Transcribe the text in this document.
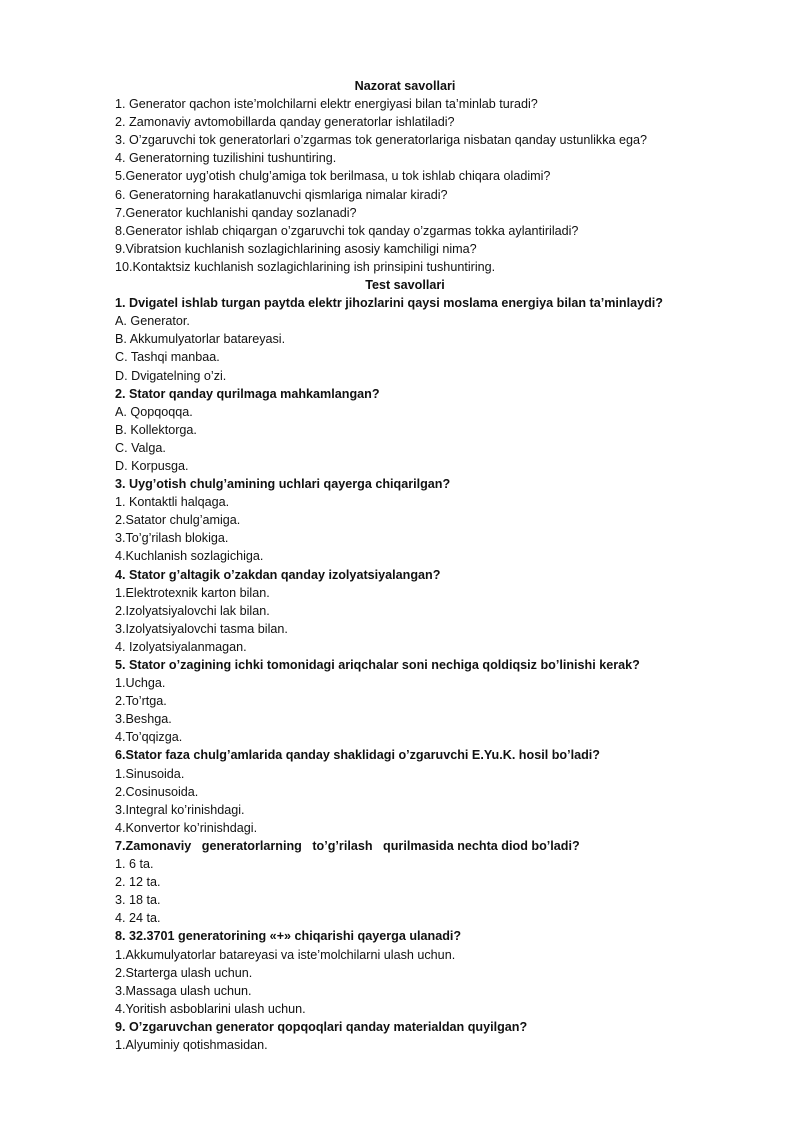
Nazorat savollari
1. Generator qachon iste’molchilarni elektr energiyasi bilan ta’minlab turadi?
2. Zamonaviy avtomobillarda qanday generatorlar ishlatiladi?
3. O’zgaruvchi tok generatorlari o’zgarmas tok generatorlariga nisbatan qanday ustunlikka ega?
4. Generatorning tuzilishini tushuntiring.
5.Generator uyg’otish chulg’amiga tok berilmasa, u tok ishlab chiqara oladimi?
6. Generatorning harakatlanuvchi qismlariga nimalar kiradi?
7.Generator kuchlanishi qanday sozlanadi?
8.Generator ishlab chiqargan o’zgaruvchi tok qanday o’zgarmas tokka aylantiriladi?
9.Vibratsion kuchlanish sozlagichlarining asosiy kamchiligi nima?
10.Kontaktsiz kuchlanish sozlagichlarining ish prinsipini tushuntiring.
Test savollari
1. Dvigatel ishlab turgan paytda elektr jihozlarini qaysi moslama energiya bilan ta’minlaydi?
A. Generator.
B. Akkumulyatorlar batareyasi.
C. Tashqi manbaa.
D. Dvigatelning o’zi.
2. Stator qanday qurilmaga mahkamlangan?
A. Qopqoqqa.
B. Kollektorga.
C. Valga.
D. Korpusga.
3. Uyg’otish chulg’amining uchlari qayerga chiqarilgan?
1. Kontaktli halqaga.
2.Satator chulg’amiga.
3.To’g’rilash blokiga.
4.Kuchlanish sozlagichiga.
4. Stator g’altagik o’zakdan qanday izolyatsiyalangan?
1.Elektrotexnik karton bilan.
2.Izolyatsiyalovchi lak bilan.
3.Izolyatsiyalovchi tasma bilan.
4. Izolyatsiyalanmagan.
5. Stator o’zagining ichki tomonidagi ariqchalar soni nechiga qoldiqsiz bo’linishi kerak?
1.Uchga.
2.To’rtga.
3.Beshga.
4.To’qqizga.
6.Stator faza chulg’amlarida qanday shaklidagi o’zgaruvchi E.Yu.K. hosil bo’ladi?
1.Sinusoida.
2.Cosinusoida.
3.Integral ko’rinishdagi.
4.Konvertor ko’rinishdagi.
7.Zamonaviy   generatorlarning   to’g’rilash   qurilmasida nechta diod bo’ladi?
1. 6 ta.
2. 12 ta.
3. 18 ta.
4. 24 ta.
8. 32.3701 generatorining «+» chiqarishi qayerga ulanadi?
1.Akkumulyatorlar batareyasi va iste’molchilarni ulash uchun.
2.Starterga ulash uchun.
3.Massaga ulash uchun.
4.Yoritish asboblarini ulash uchun.
9. O’zgaruvchan generator qopqoqlari qanday materialdan quyilgan?
1.Alyuminiy qotishmasidan.
